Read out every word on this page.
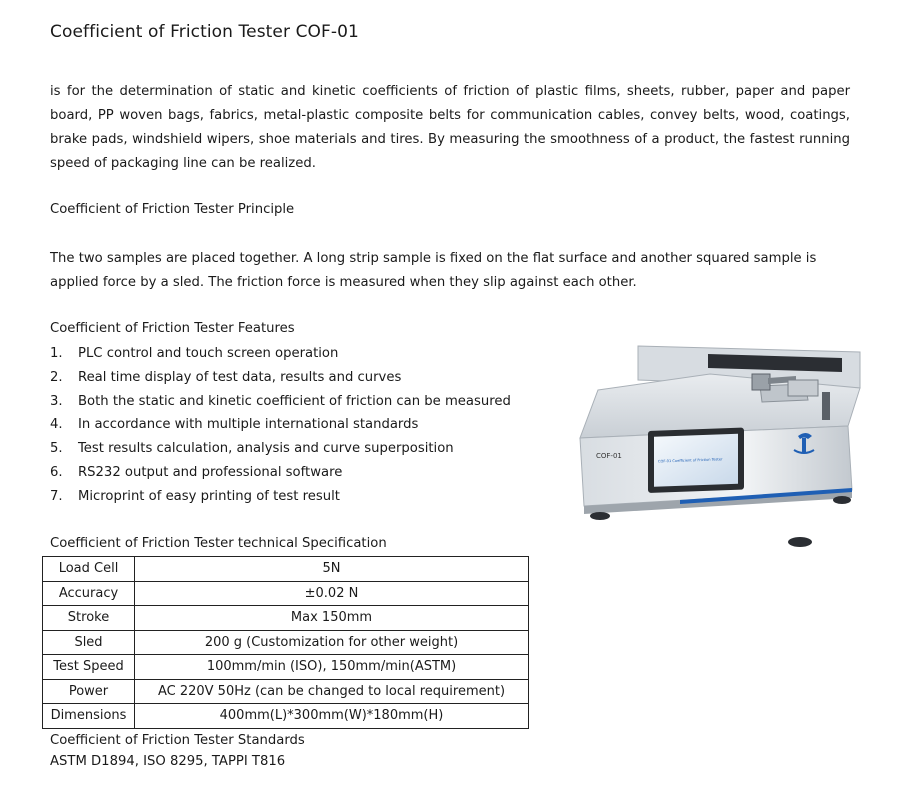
Coefficient of Friction Tester COF-01
is for the determination of static and kinetic coefficients of friction of plastic films, sheets, rubber, paper and paper board, PP woven bags, fabrics, metal-plastic composite belts for communication cables, convey belts, wood, coatings, brake pads, windshield wipers, shoe materials and tires. By measuring the smoothness of a product, the fastest running speed of packaging line can be realized.
Coefficient of Friction Tester Principle
The two samples are placed together. A long strip sample is fixed on the flat surface and another squared sample is applied force by a sled. The friction force is measured when they slip against each other.
Coefficient of Friction Tester Features
1.	PLC control and touch screen operation
2.	Real time display of test data, results and curves
3.	Both the static and kinetic coefficient of friction can be measured
4.	In accordance with multiple international standards
5.	Test results calculation, analysis and curve superposition
6.	RS232 output and professional software
7.	Microprint of easy printing of test result
Coefficient of Friction Tester technical Specification
Load Cell	5N
Accuracy	±0.02 N
Stroke	Max 150mm
Sled	200 g (Customization for other weight)
Test Speed	100mm/min (ISO), 150mm/min(ASTM)
Power	AC 220V 50Hz (can be changed to local requirement)
Dimensions	400mm(L)*300mm(W)*180mm(H)
Coefficient of Friction Tester Standards
ASTM D1894, ISO 8295, TAPPI T816
COF-01
COF-01 Coefficient of Friction Tester
